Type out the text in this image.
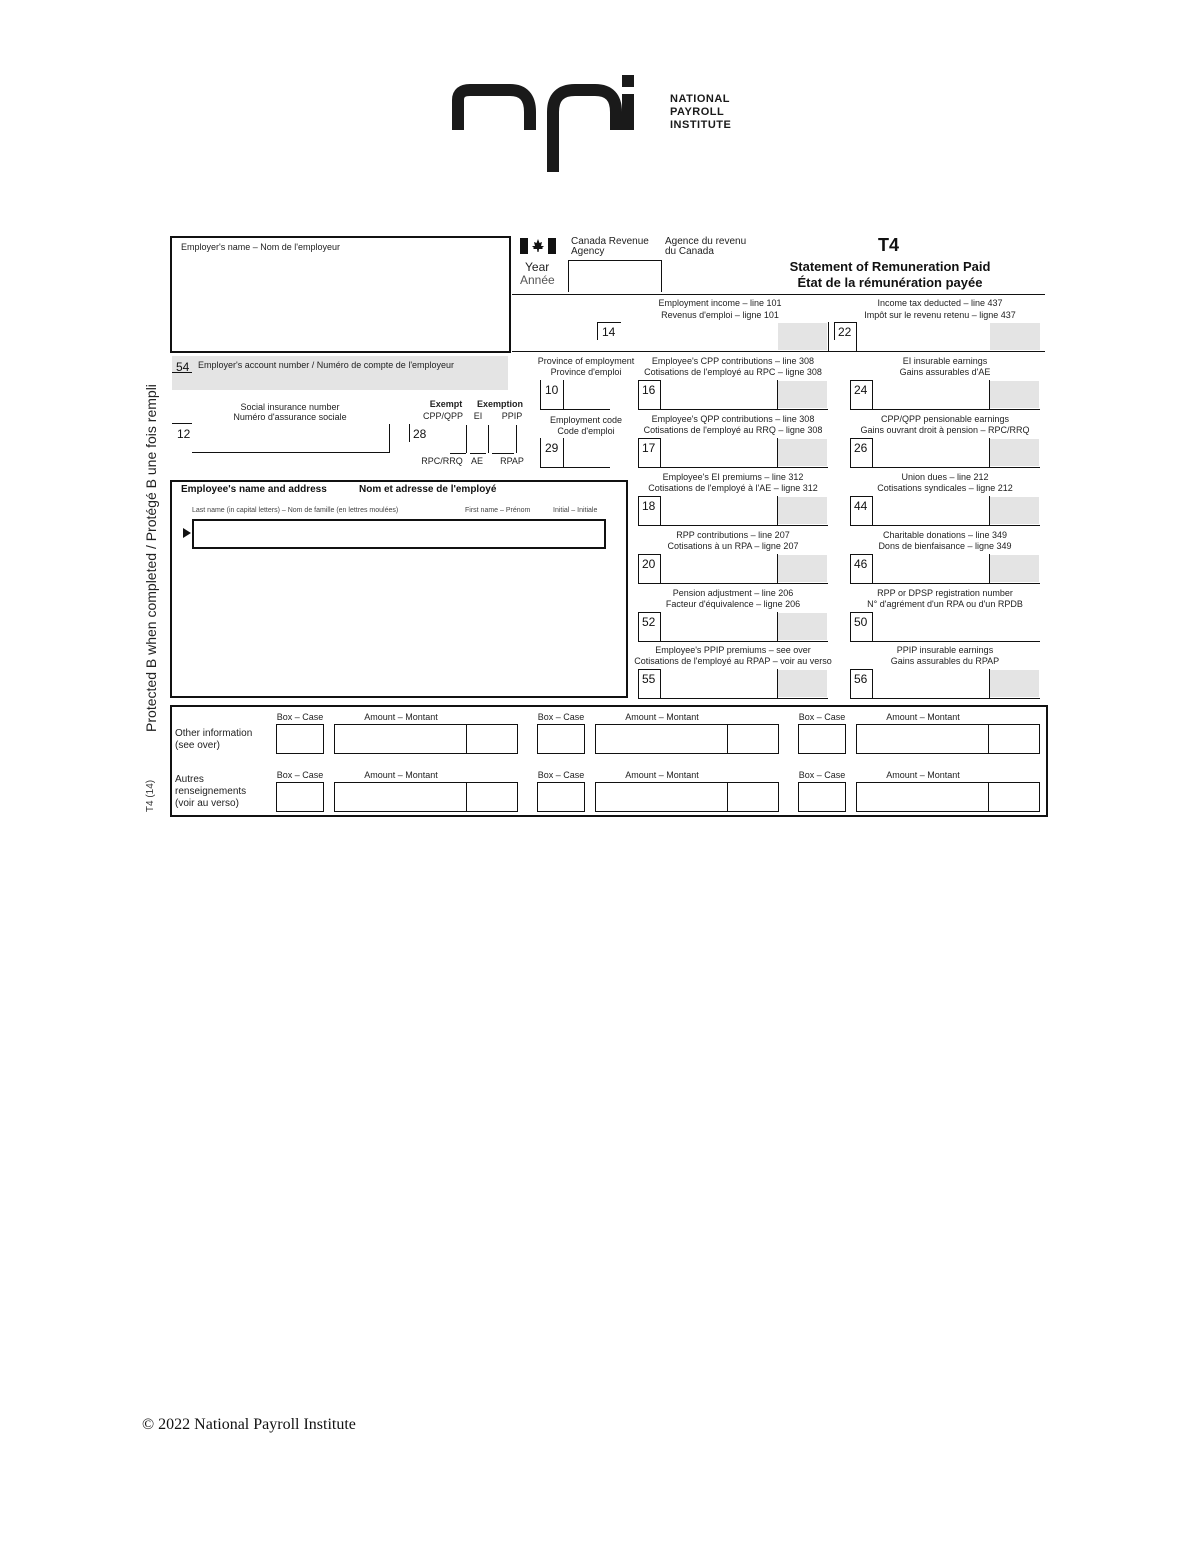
NATIONAL
PAYROLL
INSTITUTE
Protected B when completed / Protégé B une fois rempli
T4 (14)
Employer's name – Nom de l'employeur
54 Employer's account number / Numéro de compte de l'employeur
Social insurance number
Numéro d'assurance sociale
12
Exempt	Exemption
CPP/QPP	EI	PPIP
28
RPC/RRQ AE	RPAP
Canada Revenue
Agency
Agence du revenu
du Canada
Year
Année
T4
Statement of Remuneration Paid
État de la rémunération payée
Employment income – line 101
Revenus d'emploi – ligne 101
14
Income tax deducted – line 437
Impôt sur le revenu retenu – ligne 437
22
Employee's CPP contributions – line 308
Cotisations de l'employé au RPC – ligne 308
16
EI insurable earnings
Gains assurables d'AE
24
Employee's QPP contributions – line 308
Cotisations de l'employé au RRQ – ligne 308
17
CPP/QPP pensionable earnings
Gains ouvrant droit à pension – RPC/RRQ
26
Employee's EI premiums – line 312
Cotisations de l'employé à l'AE – ligne 312
18
Union dues – line 212
Cotisations syndicales – ligne 212
44
RPP contributions – line 207
Cotisations à un RPA – ligne 207
20
Charitable donations – line 349
Dons de bienfaisance – ligne 349
46
Pension adjustment – line 206
Facteur d'équivalence – ligne 206
52
RPP or DPSP registration number
N° d'agrément d'un RPA ou d'un RPDB
50
Employee's PPIP premiums – see over
Cotisations de l'employé au RPAP – voir au verso
55
PPIP insurable earnings
Gains assurables du RPAP
56
Province of employment
Province d'emploi
10
Employment code
Code d'emploi
29
Employee's name and address	Nom et adresse de l'employé
Last name (in capital letters) – Nom de famille (en lettres moulées)	First name – Prénom	Initial – Initiale
Other information
(see over)
Autres
renseignements
(voir au verso)
Box – Case	Amount – Montant	Box – Case	Amount – Montant	Box – Case	Amount – Montant
Box – Case	Amount – Montant	Box – Case	Amount – Montant	Box – Case	Amount – Montant
© 2022 National Payroll Institute
